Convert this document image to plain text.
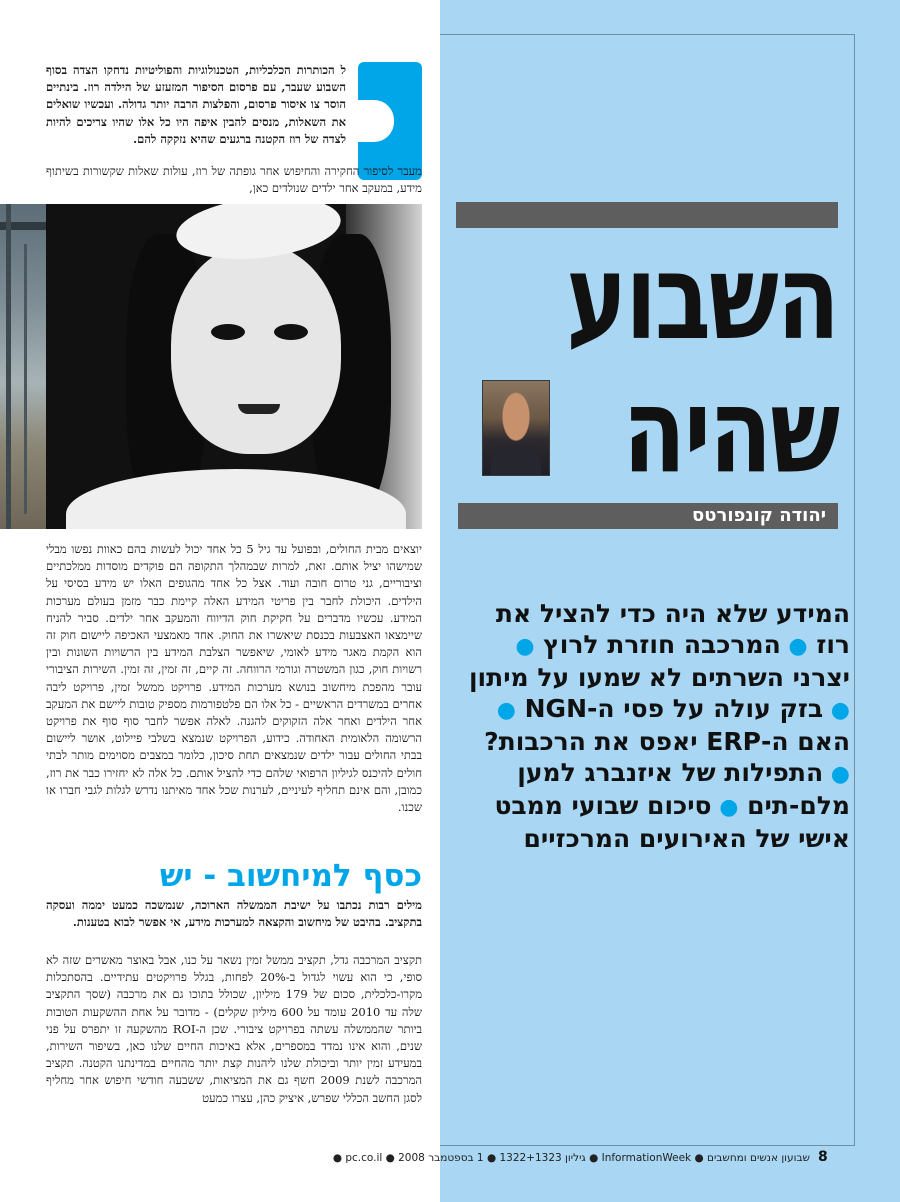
השבוע
שהיה
יהודה קונפורטס
המידע שלא היה כדי להציל את רוז ● המרכבה חוזרת לרוץ ● יצרני השרתים לא שמעו על מיתון ● בזק עולה על פסי ה-NGN ● האם ה-ERP יאפס את הרכבות? ● התפילות של איזנברג למען מלם-תים ● סיכום שבועי ממבט אישי של האירועים המרכזיים
ל הכותרות הכלכליות, הטכנולוגיות והפוליטיות נדחקו הצדה בסוף השבוע שעבר, עם פרסום הסיפור המזעזע של הילדה רוז. בינתיים הוסר צו איסור פרסום, והפלצות הרבה יותר גדולה. ועכשיו שואלים את השאלות, מנסים להבין איפה היו כל אלו שהיו צריכים להיות לצדה של רוז הקטנה ברגעים שהיא נזקקה להם.
מעבר לסיפור החקירה והחיפוש אחר גופתה של רוז, עולות שאלות שקשורות בשיתוף מידע, במעקב אחר ילדים שנולדים כאן,
יוצאים מבית החולים, ובפועל עד גיל 5 כל אחד יכול לעשות בהם כאוות נפשו מבלי שמישהו יציל אותם. זאת, למרות שבמהלך התקופה הם פוקדים מוסדות ממלכתיים וציבוריים, גני טרום חובה ועוד. אצל כל אחד מהגופים האלו יש מידע בסיסי על הילדים. היכולת לחבר בין פריטי המידע האלה קיימת כבר מזמן בעולם מערכות המידע. עכשיו מדברים על חקיקת חוק הדיווח והמעקב אחר ילדים. סביר להניח שיימצאו האצבעות בכנסת שיאשרו את החוק. אחד מאמצעי האכיפה ליישום חוק זה הוא הקמת מאגר מידע לאומי, שיאפשר הצלבת המידע בין הרשויות השונות ובין רשויות חוק, כגון המשטרה וגורמי הרווחה. זה קיים, זה זמין, זה זמין. השירות הציבורי עובר מהפכת מיחשוב בנושא מערכות המידע. פרויקט ממשל זמין, פרויקט ליבה אחרים במשרדים הראשיים - כל אלו הם פלטפורמות מספיק טובות ליישם את המעקב אחר הילדים ואחר אלה הזקוקים להגנה. לאלה אפשר לחבר סוף סוף את פרויקט הרשומה הלאומית האחודה. כידוע, הפרויקט שנמצא בשלבי פיילוט, אושר ליישום בבתי החולים עבור ילדים שנמצאים תחת סיכון, כלומר במצבים מסוימים מותר לבתי חולים להיכנס לגיליון הרפואי שלהם כדי להציל אותם. כל אלה לא יחזירו כבר את רוז, כמובן, והם אינם תחליף לעיניים, לערנות שכל אחד מאיתנו נדרש לגלות לגבי חברו או שכנו.
כסף למיחשוב - יש
מילים רבות נכתבו על ישיבת הממשלה הארוכה, שנמשכה כמעט יממה ועסקה בתקציב. בהיבט של מיחשוב והקצאה למערכות מידע, אי אפשר לבוא בטענות.
תקציב המרכבה גדל, תקציב ממשל זמין נשאר על כנו, אבל באוצר מאשרים שזה לא סופי, כי הוא עשוי לגדול ב-20% לפחות, בגלל פרויקטים עתידיים. בהסתכלות מקרו-כלכלית, סכום של 179 מיליון, שכולל בתוכו גם את מרכבה (שסך התקציב שלה עד 2010 עומד על 600 מיליון שקלים) - מדובר על אחת ההשקעות הטובות ביותר שהממשלה עשתה בפרויקט ציבורי. שכן ה-ROI מהשקעה זו יתפרס על פני שנים, והוא אינו נמדד במספרים, אלא באיכות החיים שלנו כאן, בשיפור השירות, במעידע זמין יותר וביכולת שלנו ליהנות קצת יותר מהחיים במדינתנו הקטנה. תקציב המרכבה לשנת 2009 חשף גם את המציאות, ששבעה חודשי חיפוש אחר מחליף לסגן החשב הכללי שפרש, איציק כהן, עצרו כמעט
שבועון אנשים ומחשבים ● InformationWeek ● גיליון 1322+1323 ● 1 בספטמבר 2008 ● pc.co.il ● 8
